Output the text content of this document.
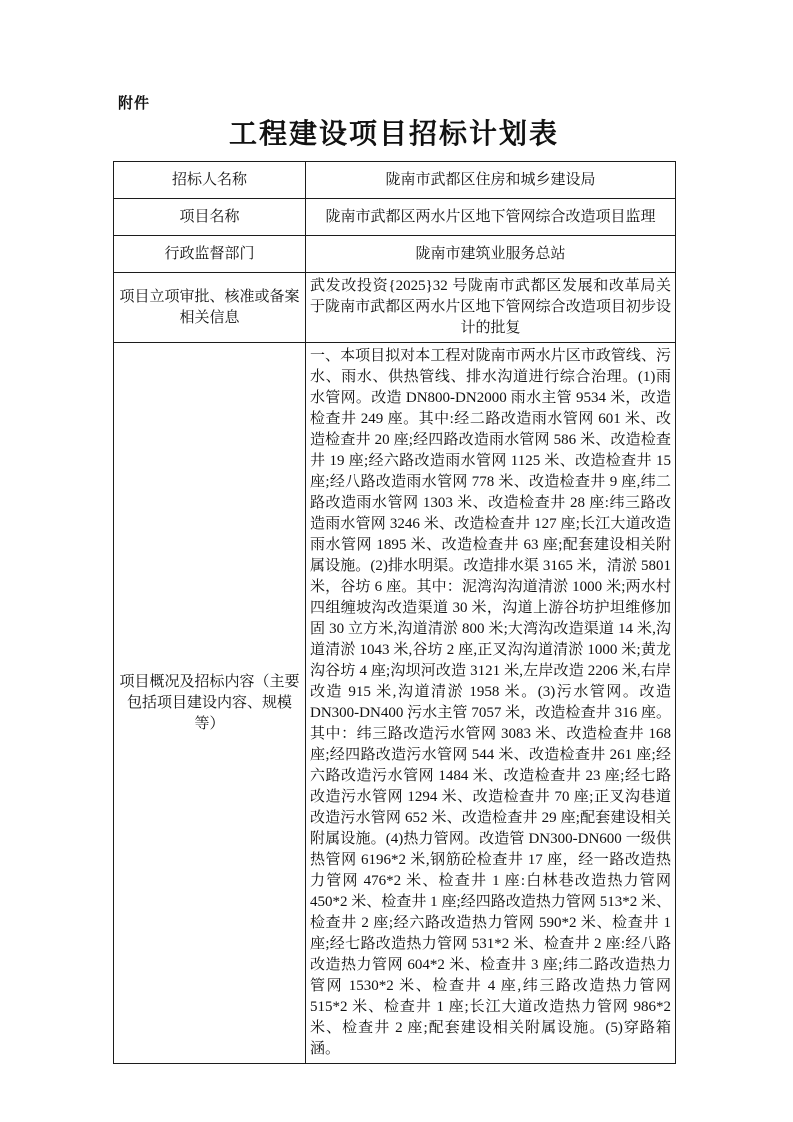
附件
工程建设项目招标计划表
招标人名称	陇南市武都区住房和城乡建设局
项目名称	陇南市武都区两水片区地下管网综合改造项目监理
行政监督部门	陇南市建筑业服务总站
项目立项审批、核准或备案相关信息	武发改投资{2025}32 号陇南市武都区发展和改革局关于陇南市武都区两水片区地下管网综合改造项目初步设计的批复
项目概况及招标内容（主要包括项目建设内容、规模等）	一、本项目拟对本工程对陇南市两水片区市政管线、污水、雨水、供热管线、排水沟道进行综合治理。(1)雨水管网。改造 DN800-DN2000 雨水主管 9534 米，改造检查井 249 座。其中:经二路改造雨水管网 601 米、改造检查井 20 座;经四路改造雨水管网 586 米、改造检查井 19 座;经六路改造雨水管网 1125 米、改造检查井 15 座;经八路改造雨水管网 778 米、改造检查井 9 座,纬二路改造雨水管网 1303 米、改造检查井 28 座:纬三路改造雨水管网 3246 米、改造检查井 127 座;长江大道改造雨水管网 1895 米、改造检查井 63 座;配套建设相关附属设施。(2)排水明渠。改造排水渠 3165 米，清淤 5801 米，谷坊 6 座。其中：泥湾沟沟道清淤 1000 米;两水村四组缠坡沟改造渠道 30 米，沟道上游谷坊护坦维修加固 30 立方米,沟道清淤 800 米;大湾沟改造渠道 14 米,沟道清淤 1043 米,谷坊 2 座,正叉沟沟道清淤 1000 米;黄龙沟谷坊 4 座;沟坝河改造 3121 米,左岸改造 2206 米,右岸改造 915 米,沟道清淤 1958 米。(3)污水管网。改造 DN300-DN400 污水主管 7057 米，改造检查井 316 座。其中：纬三路改造污水管网 3083 米、改造检查井 168 座;经四路改造污水管网 544 米、改造检查井 261 座;经六路改造污水管网 1484 米、改造检查井 23 座;经七路改造污水管网 1294 米、改造检查井 70 座;正叉沟巷道改造污水管网 652 米、改造检查井 29 座;配套建设相关附属设施。(4)热力管网。改造管 DN300-DN600 一级供热管网 6196*2 米,钢筋砼检查井 17 座，经一路改造热力管网 476*2 米、检查井 1 座:白林巷改造热力管网 450*2 米、检查井 1 座;经四路改造热力管网 513*2 米、检查井 2 座;经六路改造热力管网 590*2 米、检查井 1 座;经七路改造热力管网 531*2 米、检查井 2 座:经八路改造热力管网 604*2 米、检查井 3 座;纬二路改造热力管网 1530*2 米、检查井 4 座,纬三路改造热力管网 515*2 米、检查井 1 座;长江大道改造热力管网 986*2 米、检查井 2 座;配套建设相关附属设施。(5)穿路箱涵。
